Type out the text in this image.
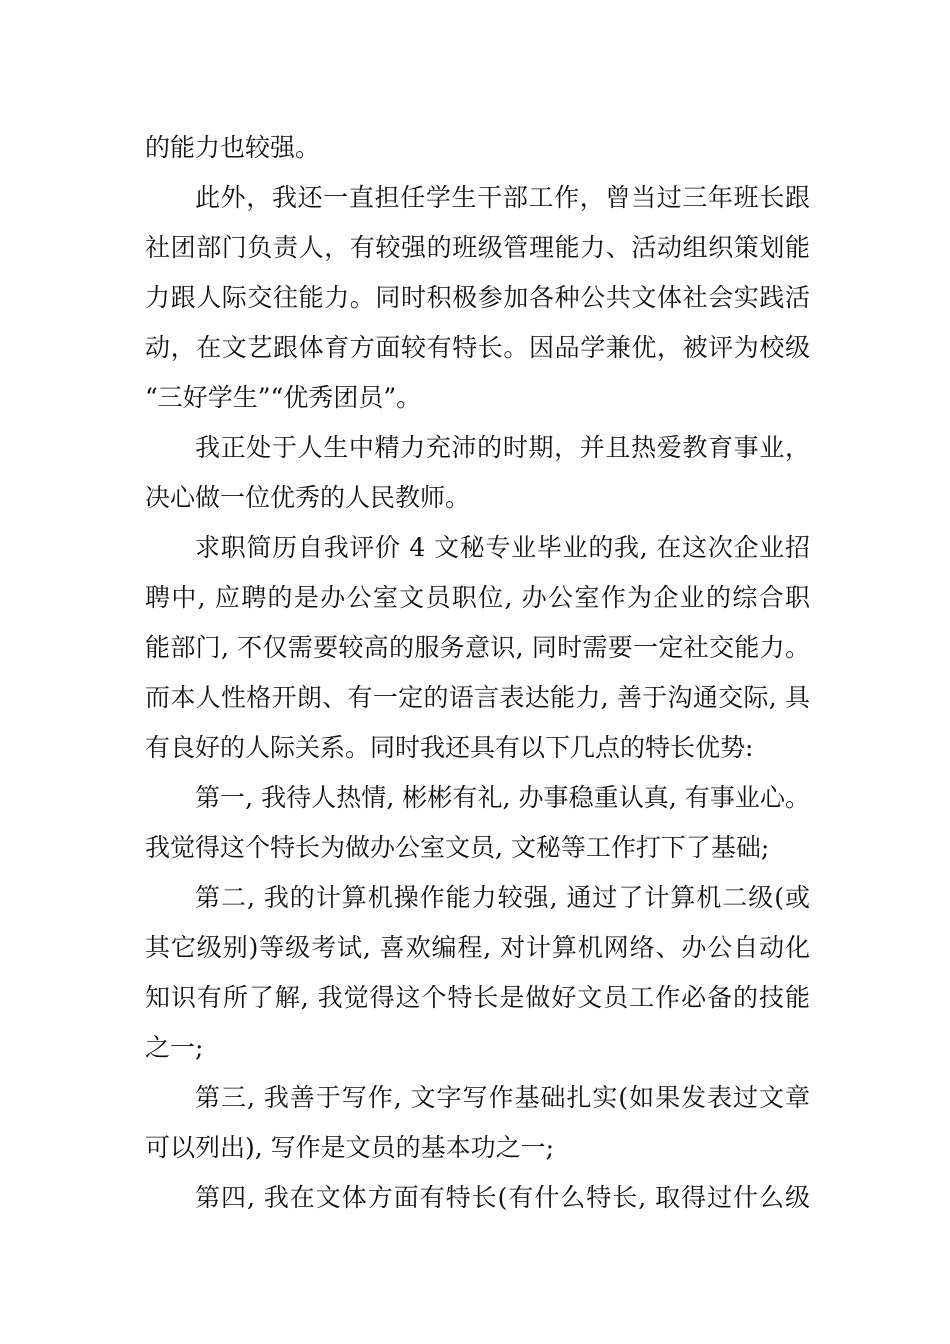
的能力也较强。
此外，我还一直担任学生干部工作，曾当过三年班长跟
社团部门负责人，有较强的班级管理能力、活动组织策划能
力跟人际交往能力。同时积极参加各种公共文体社会实践活
动，在文艺跟体育方面较有特长。因品学兼优，被评为校级
“三好学生”“优秀团员”。
我正处于人生中精力充沛的时期，并且热爱教育事业，
决心做一位优秀的人民教师。
求职简历自我评价 4 文秘专业毕业的我, 在这次企业招
聘中, 应聘的是办公室文员职位, 办公室作为企业的综合职
能部门, 不仅需要较高的服务意识, 同时需要一定社交能力。
而本人性格开朗、有一定的语言表达能力, 善于沟通交际, 具
有良好的人际关系。同时我还具有以下几点的特长优势:
第一, 我待人热情, 彬彬有礼, 办事稳重认真, 有事业心。
我觉得这个特长为做办公室文员, 文秘等工作打下了基础;
第二, 我的计算机操作能力较强, 通过了计算机二级(或
其它级别)等级考试, 喜欢编程, 对计算机网络、办公自动化
知识有所了解, 我觉得这个特长是做好文员工作必备的技能
之一;
第三, 我善于写作, 文字写作基础扎实(如果发表过文章
可以列出), 写作是文员的基本功之一;
第四, 我在文体方面有特长(有什么特长, 取得过什么级
